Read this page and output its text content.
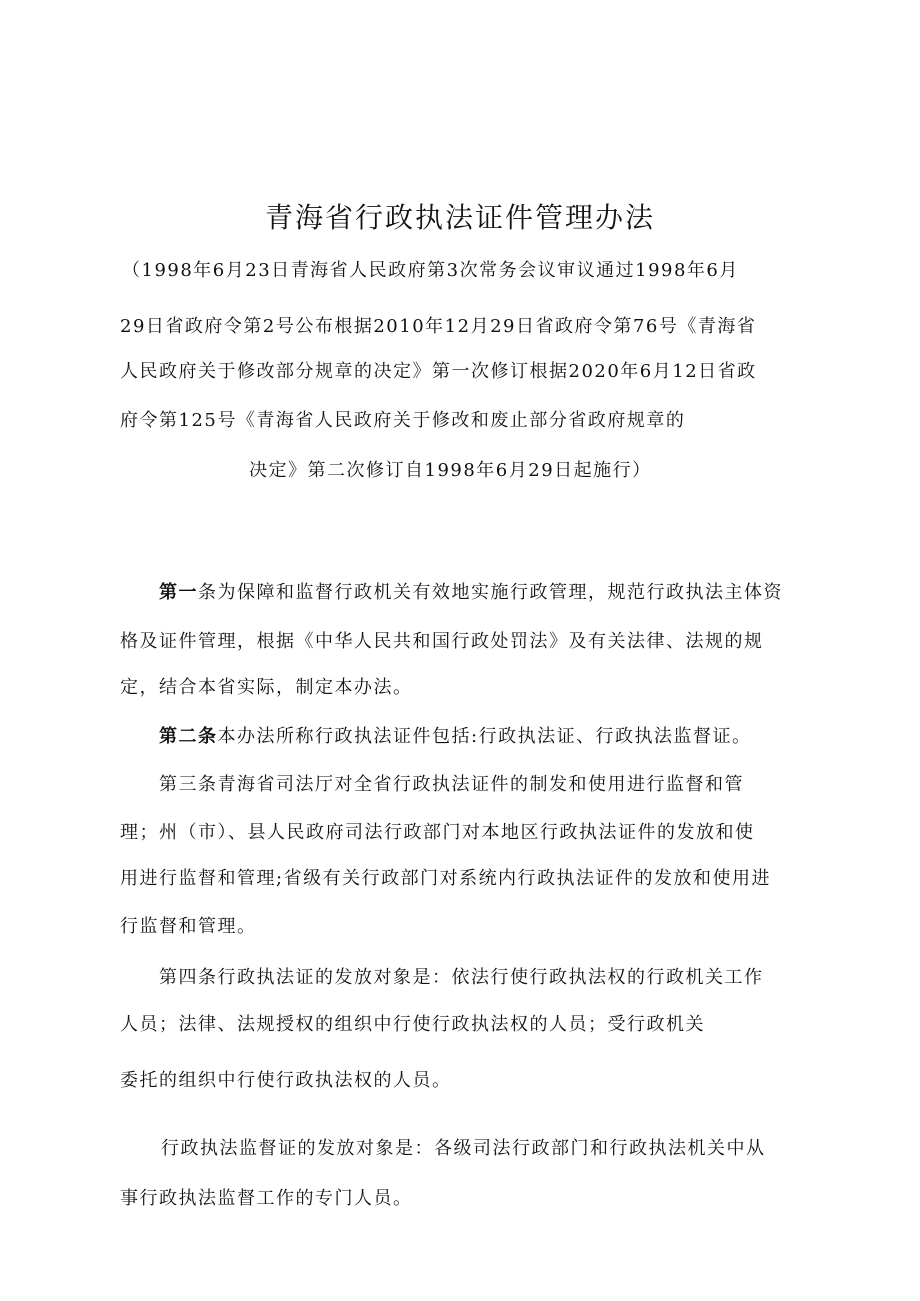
青海省行政执法证件管理办法

（1998年6月23日青海省人民政府第3次常务会议审议通过1998年6月

29日省政府令第2号公布根据2010年12月29日省政府令第76号《青海省

人民政府关于修改部分规章的决定》第一次修订根据2020年6月12日省政

府令第125号《青海省人民政府关于修改和废止部分省政府规章的

决定》第二次修订自1998年6月29日起施行）

第一条为保障和监督行政机关有效地实施行政管理，规范行政执法主体资

格及证件管理，根据《中华人民共和国行政处罚法》及有关法律、法规的规

定，结合本省实际，制定本办法。

第二条本办法所称行政执法证件包括:行政执法证、行政执法监督证。

第三条青海省司法厅对全省行政执法证件的制发和使用进行监督和管

理；州（市）、县人民政府司法行政部门对本地区行政执法证件的发放和使

用进行监督和管理;省级有关行政部门对系统内行政执法证件的发放和使用进

行监督和管理。

第四条行政执法证的发放对象是：依法行使行政执法权的行政机关工作

人员；法律、法规授权的组织中行使行政执法权的人员；受行政机关

委托的组织中行使行政执法权的人员。

行政执法监督证的发放对象是：各级司法行政部门和行政执法机关中从

事行政执法监督工作的专门人员。
